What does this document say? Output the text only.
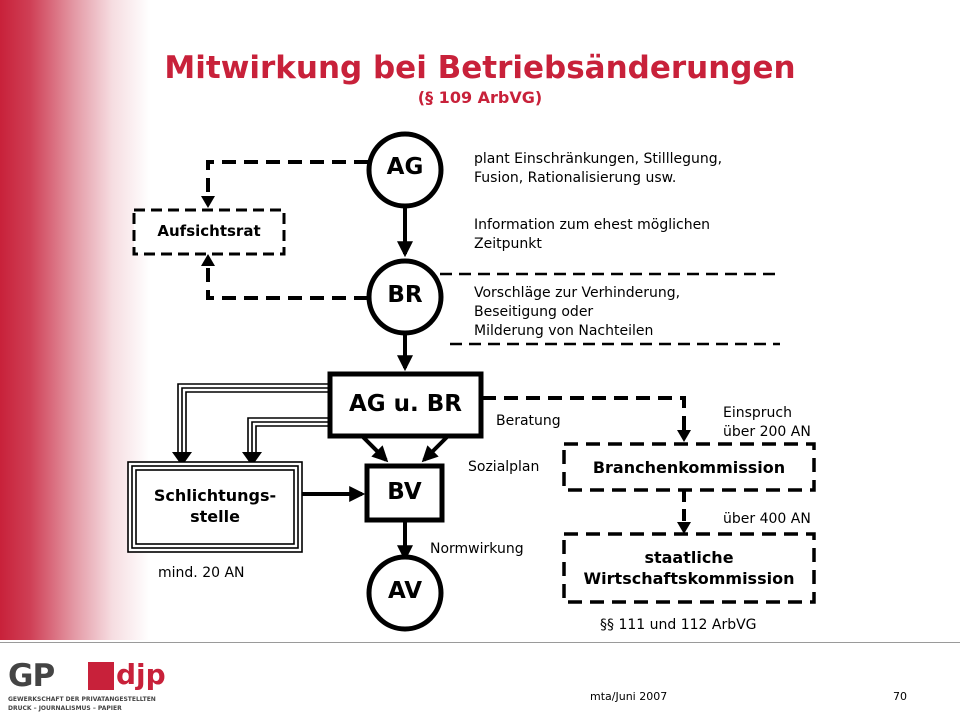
Mitwirkung bei Betriebsänderungen
(§ 109 ArbVG)
AG
BR
AV
AG u. BR
BV
Aufsichtsrat
Schlichtungs-
stelle
Branchenkommission
staatliche
Wirtschaftskommission
plant Einschränkungen, Stilllegung,
Fusion, Rationalisierung usw.
Information zum ehest möglichen
Zeitpunkt
Vorschläge zur Verhinderung,
Beseitigung oder
Milderung von Nachteilen
Beratung
Sozialplan
Normwirkung
Einspruch
über 200 AN
über 400 AN
§§ 111 und 112 ArbVG
mind. 20 AN
mta/Juni 2007	70
GP djp
GEWERKSCHAFT DER PRIVATANGESTELLTEN
DRUCK – JOURNALISMUS – PAPIER
